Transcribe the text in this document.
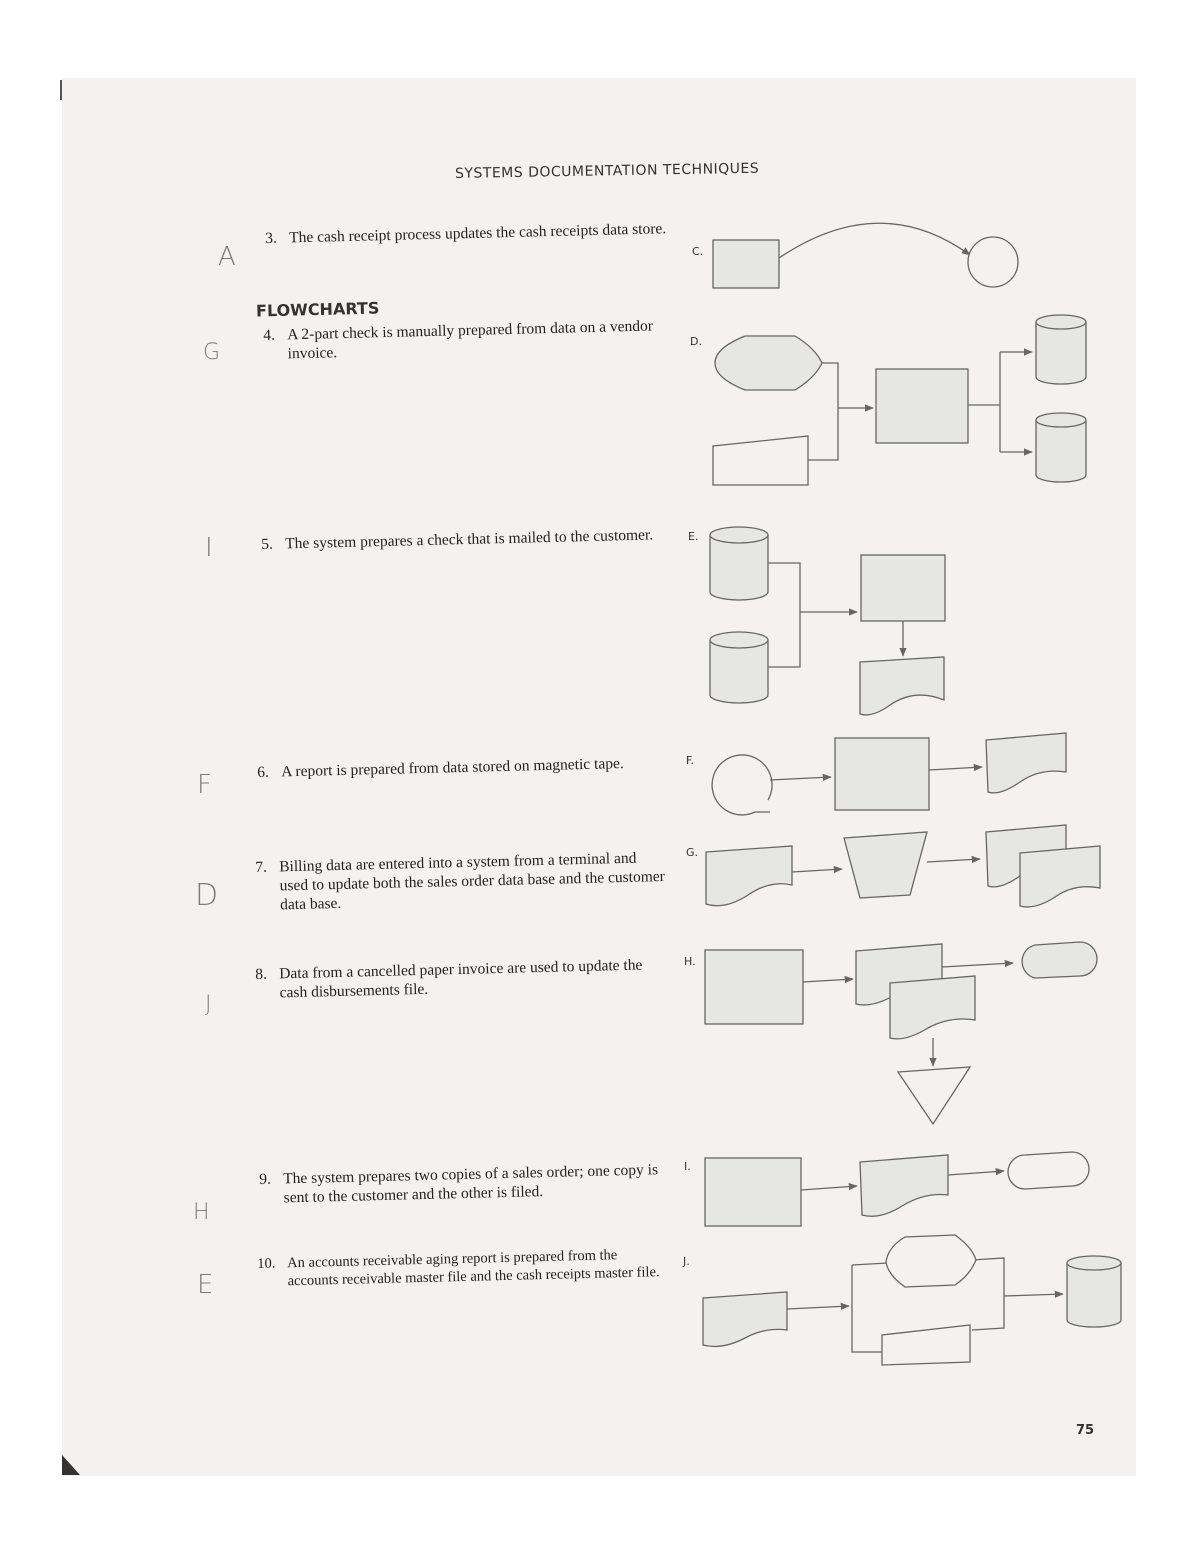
SYSTEMS DOCUMENTATION TECHNIQUES
FLOWCHARTS
3. The cash receipt process updates the cash receipts data store.
4. A 2-part check is manually prepared from data on a vendor invoice.
5. The system prepares a check that is mailed to the customer.
6. A report is prepared from data stored on magnetic tape.
7. Billing data are entered into a system from a terminal and used to update both the sales order data base and the customer data base.
8. Data from a cancelled paper invoice are used to update the cash disbursements file.
9. The system prepares two copies of a sales order; one copy is sent to the customer and the other is filed.
10. An accounts receivable aging report is prepared from the accounts receivable master file and the cash receipts master file.
A
G
I
F
D
J
H
E
C.
D.
E.
F.
G.
H.
I.
J.
75
